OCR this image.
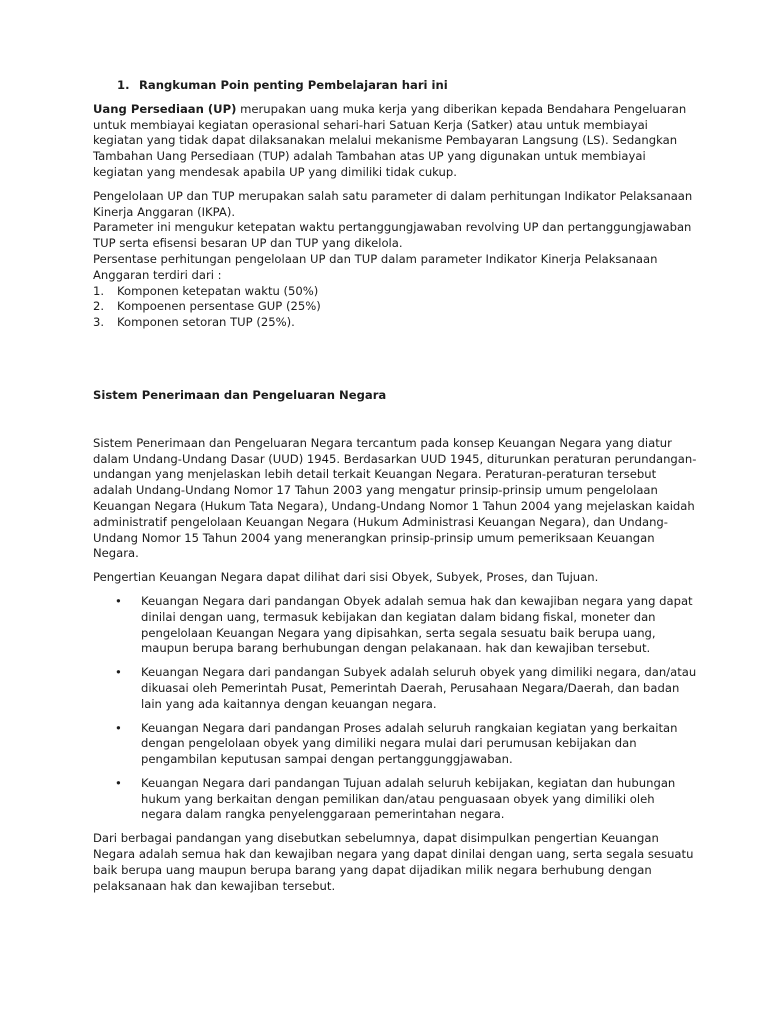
1. Rangkuman Poin penting Pembelajaran hari ini

Uang Persediaan (UP) merupakan uang muka kerja yang diberikan kepada Bendahara Pengeluaran untuk membiayai kegiatan operasional sehari-hari Satuan Kerja (Satker) atau untuk membiayai kegiatan yang tidak dapat dilaksanakan melalui mekanisme Pembayaran Langsung (LS). Sedangkan Tambahan Uang Persediaan (TUP) adalah Tambahan atas UP yang digunakan untuk membiayai kegiatan yang mendesak apabila UP yang dimiliki tidak cukup.

Pengelolaan UP dan TUP merupakan salah satu parameter di dalam perhitungan Indikator Pelaksanaan Kinerja Anggaran (IKPA).

Parameter ini mengukur ketepatan waktu pertanggungjawaban revolving UP dan pertanggungjawaban TUP serta efisensi besaran UP dan TUP yang dikelola.

Persentase perhitungan pengelolaan UP dan TUP dalam parameter Indikator Kinerja Pelaksanaan Anggaran terdiri dari :

1.	Komponen ketepatan waktu (50%)
2.	Kompoenen persentase GUP (25%)
3.	Komponen setoran TUP (25%).

Sistem Penerimaan dan Pengeluaran Negara

Sistem Penerimaan dan Pengeluaran Negara tercantum pada konsep Keuangan Negara yang diatur dalam Undang-Undang Dasar (UUD) 1945. Berdasarkan UUD 1945, diturunkan peraturan perundangan-undangan yang menjelaskan lebih detail terkait Keuangan Negara. Peraturan-peraturan tersebut adalah Undang-Undang Nomor 17 Tahun 2003 yang mengatur prinsip-prinsip umum pengelolaan Keuangan Negara (Hukum Tata Negara), Undang-Undang Nomor 1 Tahun 2004 yang mejelaskan kaidah administratif pengelolaan Keuangan Negara (Hukum Administrasi Keuangan Negara), dan Undang-Undang Nomor 15 Tahun 2004 yang menerangkan prinsip-prinsip umum pemeriksaan Keuangan Negara.

Pengertian Keuangan Negara dapat dilihat dari sisi Obyek, Subyek, Proses, dan Tujuan.

•	Keuangan Negara dari pandangan Obyek adalah semua hak dan kewajiban negara yang dapat dinilai dengan uang, termasuk kebijakan dan kegiatan dalam bidang fiskal, moneter dan pengelolaan Keuangan Negara yang dipisahkan, serta segala sesuatu baik berupa uang, maupun berupa barang berhubungan dengan pelakanaan. hak dan kewajiban tersebut.
•	Keuangan Negara dari pandangan Subyek adalah seluruh obyek yang dimiliki negara, dan/atau dikuasai oleh Pemerintah Pusat, Pemerintah Daerah, Perusahaan Negara/Daerah, dan badan lain yang ada kaitannya dengan keuangan negara.
•	Keuangan Negara dari pandangan Proses adalah seluruh rangkaian kegiatan yang berkaitan dengan pengelolaan obyek yang dimiliki negara mulai dari perumusan kebijakan dan pengambilan keputusan sampai dengan pertanggunggjawaban.
•	Keuangan Negara dari pandangan Tujuan adalah seluruh kebijakan, kegiatan dan hubungan hukum yang berkaitan dengan pemilikan dan/atau penguasaan obyek yang dimiliki oleh negara dalam rangka penyelenggaraan pemerintahan negara.

Dari berbagai pandangan yang disebutkan sebelumnya, dapat disimpulkan pengertian Keuangan Negara adalah semua hak dan kewajiban negara yang dapat dinilai dengan uang, serta segala sesuatu baik berupa uang maupun berupa barang yang dapat dijadikan milik negara berhubung dengan pelaksanaan hak dan kewajiban tersebut.
